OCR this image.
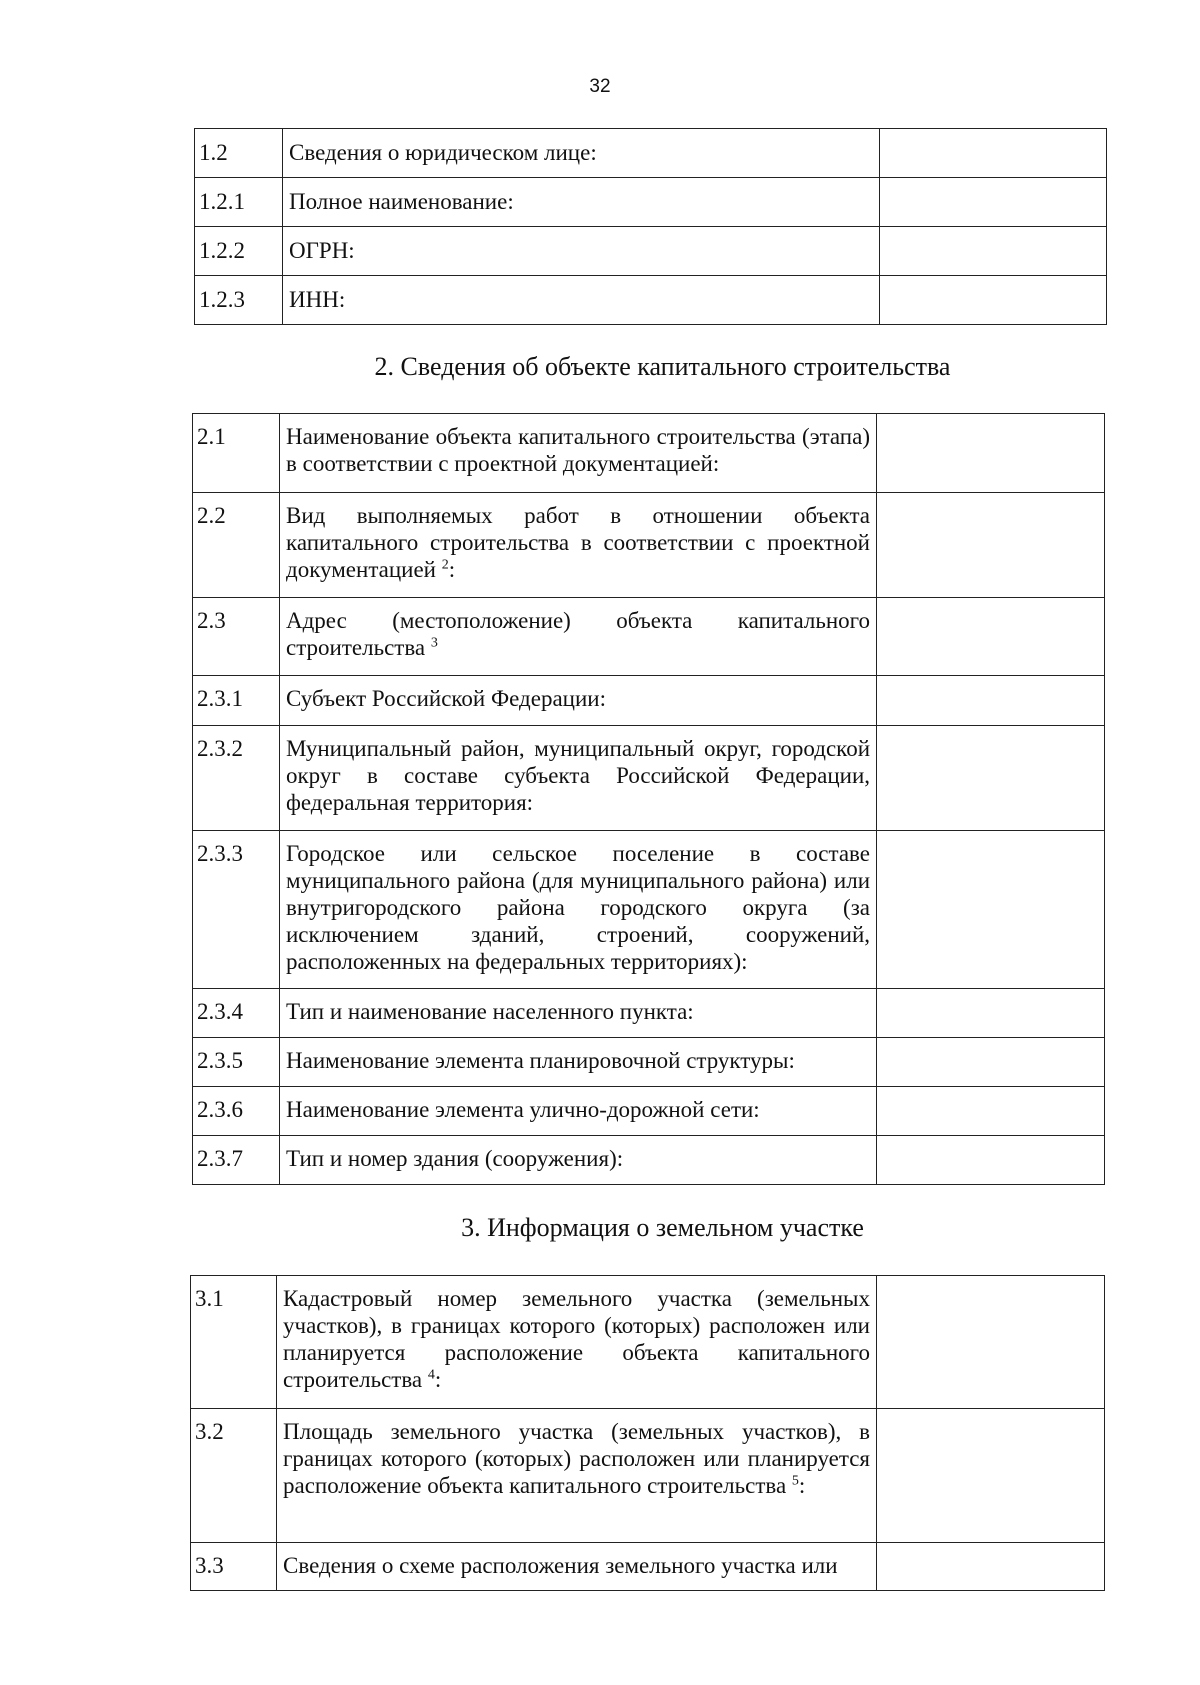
32
1.2	Сведения о юридическом лице:	
1.2.1	Полное наименование:	
1.2.2	ОГРН:	
1.2.3	ИНН:	
2. Сведения об объекте капитального строительства
2.1	Наименование объекта капитального строительства (этапа) в соответствии с проектной документацией:	
2.2	Вид выполняемых работ в отношении объекта капитального строительства в соответствии с проектной документацией $^2$:	
2.3	Адрес (местоположение) объекта капитального строительства $^3$	
2.3.1	Субъект Российской Федерации:	
2.3.2	Муниципальный район, муниципальный округ, городской округ в составе субъекта Российской Федерации, федеральная территория:	
2.3.3	Городское или сельское поселение в составе муниципального района (для муниципального района) или внутригородского района городского округа (за исключением зданий, строений, сооружений, расположенных на федеральных территориях):	
2.3.4	Тип и наименование населенного пункта:	
2.3.5	Наименование элемента планировочной структуры:	
2.3.6	Наименование элемента улично-дорожной сети:	
2.3.7	Тип и номер здания (сооружения):	
3. Информация о земельном участке
3.1	Кадастровый номер земельного участка (земельных участков), в границах которого (которых) расположен или планируется расположение объекта капитального строительства $^4$:	
3.2	Площадь земельного участка (земельных участков), в границах которого (которых) расположен или планируется расположение объекта капитального строительства $^5$:	
3.3	Сведения о схеме расположения земельного участка или	
